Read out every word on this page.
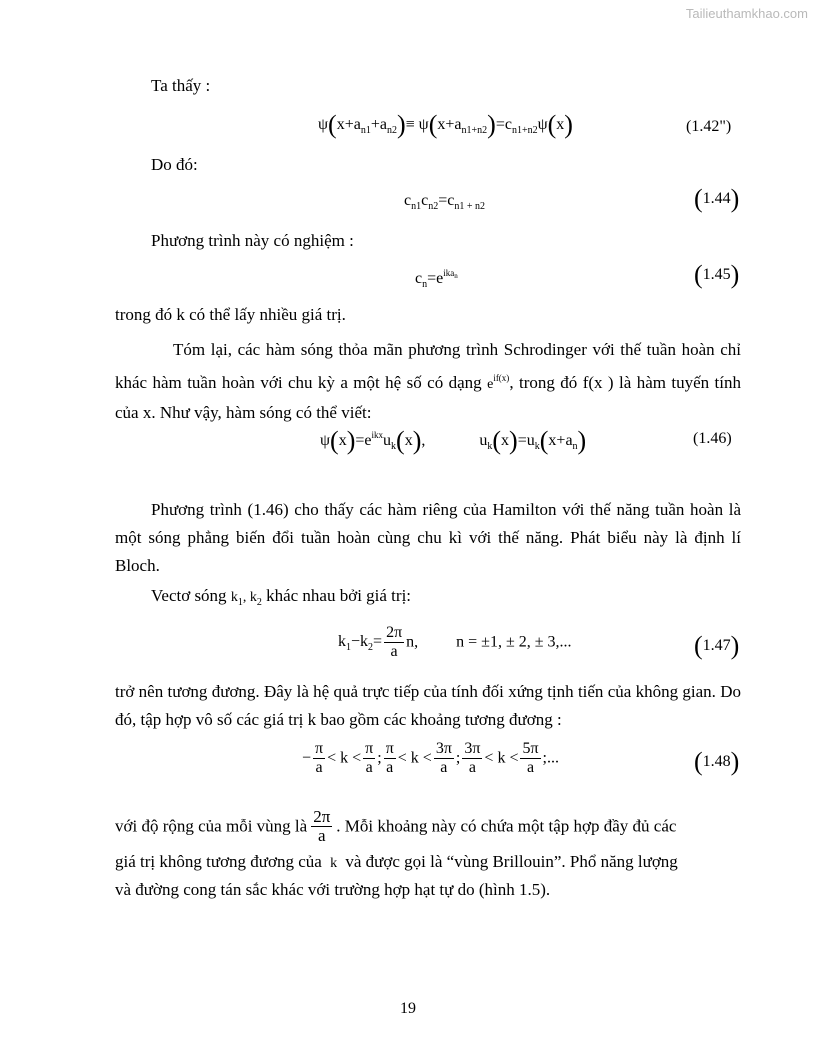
Tailieuthamkhao.com
Ta thấy :
$\psi(x+a_{n1}+a_{n2})\equiv \psi(x+a_{n1+n2})=c_{n1+n2}\psi(x)$	(1.42")
Do đó:
$c_{n1}c_{n2}=c_{n1 + n2}$	(1.44)
Phương trình này có nghiệm :
$c_n=e^{ika_n}$	(1.45)
trong đó k có thể lấy nhiều giá trị.
Tóm lại, các hàm sóng thỏa mãn phương trình Schrodinger với thế tuần hoàn chỉ khác hàm tuần hoàn với chu kỳ a một hệ số có dạng $e^{if(x)}$, trong đó f(x ) là hàm tuyến tính của x. Như vậy, hàm sóng có thể viết:
$\psi(x)=e^{ikx}u_k(x)$,	$u_k(x)=u_k(x+a_n)$	(1.46)
Phương trình (1.46) cho thấy các hàm riêng của Hamilton với thế năng tuần hoàn là một sóng phẳng biến đổi tuần hoàn cùng chu kì với thế năng. Phát biểu này là định lí Bloch.
Vectơ sóng $k_1$, $k_2$ khác nhau bởi giá trị:
$k_1-k_2= \frac{2\pi}{a} n$, n = ±1, ± 2, ± 3,...	(1.47)
trở nên tương đương. Đây là hệ quả trực tiếp của tính đối xứng tịnh tiến của không gian. Do đó, tập hợp vô số các giá trị k bao gồm các khoảng tương đương :
− $\frac{\pi}{a} < k < \frac{\pi}{a}$ ; $\frac{\pi}{a} < k < \frac{3\pi}{a}$ ; $\frac{3\pi}{a} < k < \frac{5\pi}{a}$ ;...	(1.48)
với độ rộng của mỗi vùng là $\frac{2\pi}{a}$ . Mỗi khoảng này có chứa một tập hợp đầy đủ các
giá trị không tương đương của k và được gọi là “vùng Brillouin”. Phổ năng lượng
và đường cong tán sắc khác với trường hợp hạt tự do (hình 1.5).
19
